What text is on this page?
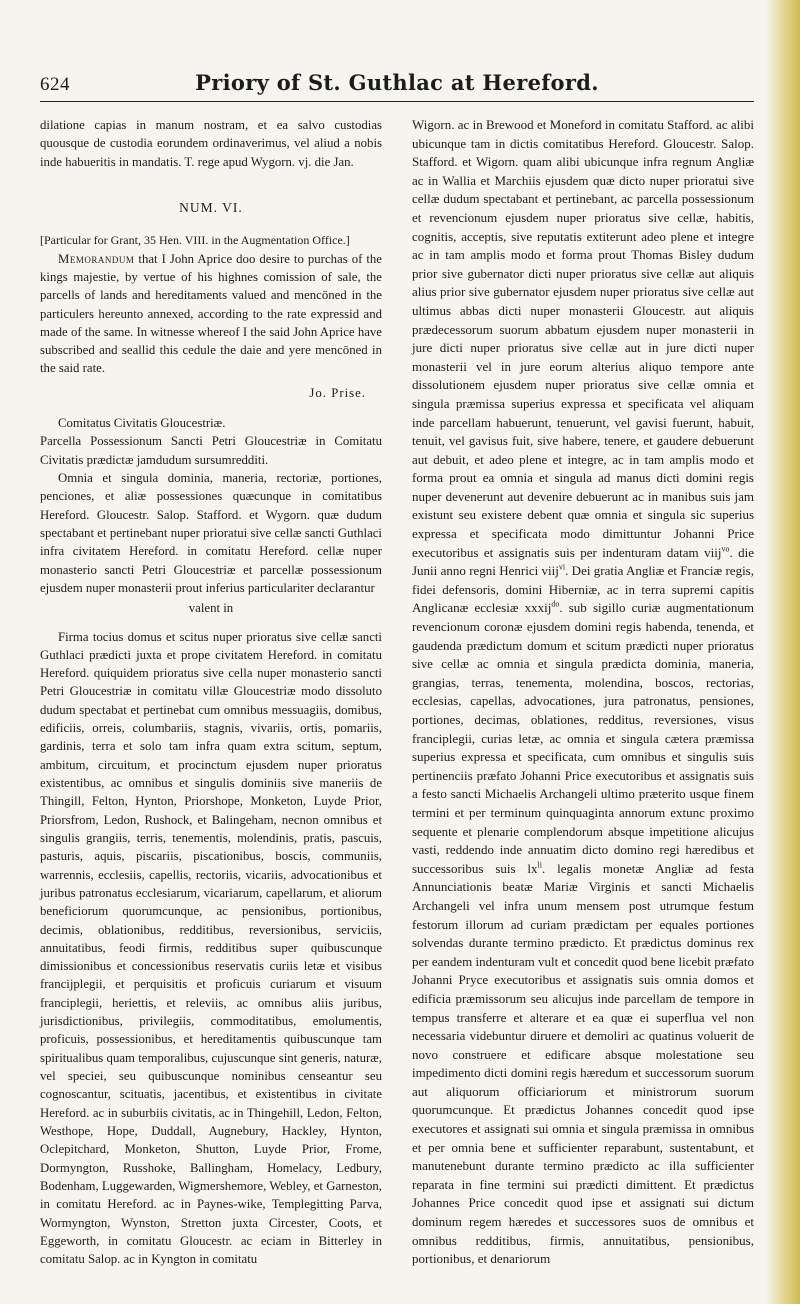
624	Priory of St. Guthlac at Hereford.

dilatione capias in manum nostram, et ea salvo custodias quousque de custodia eorundem ordinaverimus, vel aliud a nobis inde habueritis in mandatis. T. rege apud Wygorn. vj. die Jan.

NUM. VI.

[Particular for Grant, 35 Hen. VIII. in the Augmentation Office.]

Memorandum that I John Aprice doo desire to purchas of the kings majestie, by vertue of his highnes comission of sale, the parcells of lands and hereditaments valued and mencōned in the particulers hereunto annexed, according to the rate expressid and made of the same. In witnesse whereof I the said John Aprice have subscribed and seallid this cedule the daie and yere mencōned in the said rate.

Jo. Prise.

Comitatus Civitatis Gloucestriæ.

Parcella Possessionum Sancti Petri Gloucestriæ in Comitatu Civitatis prædictæ jamdudum sursumredditi.

Omnia et singula dominia, maneria, rectoriæ, portiones, penciones, et aliæ possessiones quæcunque in comitatibus Hereford. Gloucestr. Salop. Stafford. et Wygorn. quæ dudum spectabant et pertinebant nuper prioratui sive cellæ sancti Guthlaci infra civitatem Hereford. in comitatu Hereford. cellæ nuper monasterio sancti Petri Gloucestriæ et parcellæ possessionum ejusdem nuper monasterii prout inferius particulariter declarantur

valent in

Firma tocius domus et scitus nuper prioratus sive cellæ sancti Guthlaci prædicti juxta et prope civitatem Hereford. in comitatu Hereford. quiquidem prioratus sive cella nuper monasterio sancti Petri Gloucestriæ in comitatu villæ Gloucestriæ modo dissoluto dudum spectabat et pertinebat cum omnibus messuagiis, domibus, edificiis, orreis, columbariis, stagnis, vivariis, ortis, pomariis, gardinis, terra et solo tam infra quam extra scitum, septum, ambitum, circuitum, et procinctum ejusdem nuper prioratus existentibus, ac omnibus et singulis dominiis sive maneriis de Thingill, Felton, Hynton, Priorshope, Monketon, Luyde Prior, Priorsfrom, Ledon, Rushock, et Balingeham, necnon omnibus et singulis grangiis, terris, tenementis, molendinis, pratis, pascuis, pasturis, aquis, piscariis, piscationibus, boscis, communiis, warrennis, ecclesiis, capellis, rectoriis, vicariis, advocationibus et juribus patronatus ecclesiarum, vicariarum, capellarum, et aliorum beneficiorum quorumcunque, ac pensionibus, portionibus, decimis, oblationibus, redditibus, reversionibus, serviciis, annuitatibus, feodi firmis, redditibus super quibuscunque dimissionibus et concessionibus reservatis curiis letæ et visibus francijplegii, et perquisitis et proficuis curiarum et visuum franciplegii, heriettis, et releviis, ac omnibus aliis juribus, jurisdictionibus, privilegiis, commoditatibus, emolumentis, proficuis, possessionibus, et hereditamentis quibuscunque tam spiritualibus quam temporalibus, cujuscunque sint generis, naturæ, vel speciei, seu quibuscunque nominibus censeantur seu cognoscantur, scituatis, jacentibus, et existentibus in civitate Hereford. ac in suburbiis civitatis, ac in Thingehill, Ledon, Felton, Westhope, Hope, Duddall, Augnebury, Hackley, Hynton, Oclepitchard, Monketon, Shutton, Luyde Prior, Frome, Dormyngton, Russhoke, Ballingham, Homelacy, Ledbury, Bodenham, Luggewarden, Wigmershemore, Webley, et Garneston, in comitatu Hereford. ac in Paynes-wike, Templegitting Parva, Wormyngton, Wynston, Stretton juxta Circester, Coots, et Eggeworth, in comitatu Gloucestr. ac eciam in Bitterley in comitatu Salop. ac in Kyngton in comitatu

Wigorn. ac in Brewood et Moneford in comitatu Stafford. ac alibi ubicunque tam in dictis comitatibus Hereford. Gloucestr. Salop. Stafford. et Wigorn. quam alibi ubicunque infra regnum Angliæ ac in Wallia et Marchiis ejusdem quæ dicto nuper prioratui sive cellæ dudum spectabant et pertinebant, ac parcella possessionum et revencionum ejusdem nuper prioratus sive cellæ, habitis, cognitis, acceptis, sive reputatis extiterunt adeo plene et integre ac in tam amplis modo et forma prout Thomas Bisley dudum prior sive gubernator dicti nuper prioratus sive cellæ aut aliquis alius prior sive gubernator ejusdem nuper prioratus sive cellæ aut ultimus abbas dicti nuper monasterii Gloucestr. aut aliquis prædecessorum suorum abbatum ejusdem nuper monasterii in jure dicti nuper prioratus sive cellæ aut in jure dicti nuper monasterii vel in jure eorum alterius aliquo tempore ante dissolutionem ejusdem nuper prioratus sive cellæ omnia et singula præmissa superius expressa et specificata vel aliquam inde parcellam habuerunt, tenuerunt, vel gavisi fuerunt, habuit, tenuit, vel gavisus fuit, sive habere, tenere, et gaudere debuerunt aut debuit, et adeo plene et integre, ac in tam amplis modo et forma prout ea omnia et singula ad manus dicti domini regis nuper devenerunt aut devenire debuerunt ac in manibus suis jam existunt seu existere debent quæ omnia et singula sic superius expressa et specificata modo dimittuntur Johanni Price executoribus et assignatis suis per indenturam datam viij$^{vo}$. die Junii anno regni Henrici viij$^{vi}$. Dei gratia Angliæ et Franciæ regis, fidei defensoris, domini Hiberniæ, ac in terra supremi capitis Anglicanæ ecclesiæ xxxij$^{do}$. sub sigillo curiæ augmentationum revencionum coronæ ejusdem domini regis habenda, tenenda, et gaudenda prædictum domum et scitum prædicti nuper prioratus sive cellæ ac omnia et singula prædicta dominia, maneria, grangias, terras, tenementa, molendina, boscos, rectorias, ecclesias, capellas, advocationes, jura patronatus, pensiones, portiones, decimas, oblationes, redditus, reversiones, visus franciplegii, curias letæ, ac omnia et singula cætera præmissa superius expressa et specificata, cum omnibus et singulis suis pertinenciis præfato Johanni Price executoribus et assignatis suis a festo sancti Michaelis Archangeli ultimo præterito usque finem termini et per terminum quinquaginta annorum extunc proximo sequente et plenarie complendorum absque impetitione alicujus vasti, reddendo inde annuatim dicto domino regi hæredibus et successoribus suis $lx^{li}$. legalis monetæ Angliæ ad festa Annunciationis beatæ Mariæ Virginis et sancti Michaelis Archangeli vel infra unum mensem post utrumque festum festorum illorum ad curiam prædictam per equales portiones solvendas durante termino prædicto. Et prædictus dominus rex per eandem indenturam vult et concedit quod bene licebit præfato Johanni Pryce executoribus et assignatis suis omnia domos et edificia præmissorum seu alicujus inde parcellam de tempore in tempus transferre et alterare et ea quæ ei superflua vel non necessaria videbuntur diruere et demoliri ac quatinus voluerit de novo construere et edificare absque molestatione seu impedimento dicti domini regis hæredum et successorum suorum aut aliquorum officiariorum et ministrorum suorum quorumcunque. Et prædictus Johannes concedit quod ipse executores et assignati sui omnia et singula præmissa in omnibus et per omnia bene et sufficienter reparabunt, sustentabunt, et manutenebunt durante termino prædicto ac illa sufficienter reparata in fine termini sui prædicti dimittent. Et prædictus Johannes Price concedit quod ipse et assignati sui dictum dominum regem hæredes et successores suos de omnibus et omnibus redditibus, firmis, annuitatibus, pensionibus, portionibus, et denariorum
